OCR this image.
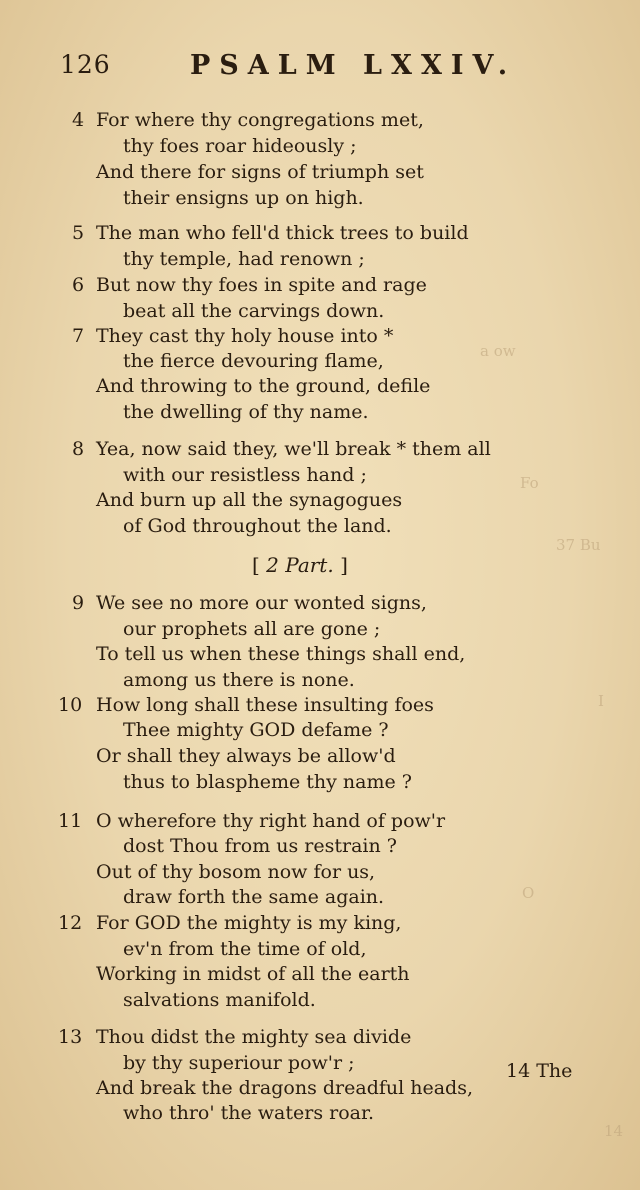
126	PSALM LXXIV.
4 For where thy congregations met,
thy foes roar hideously ;
And there for signs of triumph set
their ensigns up on high.
5 The man who fell'd thick trees to build
thy temple, had renown ;
6 But now thy foes in spite and rage
beat all the carvings down.
7 They cast thy holy house into *
the fierce devouring flame,
And throwing to the ground, defile
the dwelling of thy name.
8 Yea, now said they, we'll break * them all
with our resistless hand ;
And burn up all the synagogues
of God throughout the land.
[ 2 Part. ]
9 We see no more our wonted signs,
our prophets all are gone ;
To tell us when these things shall end,
among us there is none.
10 How long shall these insulting foes
Thee mighty GOD defame ?
Or shall they always be allow'd
thus to blaspheme thy name ?
11 O wherefore thy right hand of pow'r
dost Thou from us restrain ?
Out of thy bosom now for us,
draw forth the same again.
12 For GOD the mighty is my king,
ev'n from the time of old,
Working in midst of all the earth
salvations manifold.
13 Thou didst the mighty sea divide
by thy superiour pow'r ;
And break the dragons dreadful heads,
who thro' the waters roar.
14 The
a ow
Fo
37 Bu
I
O
14
